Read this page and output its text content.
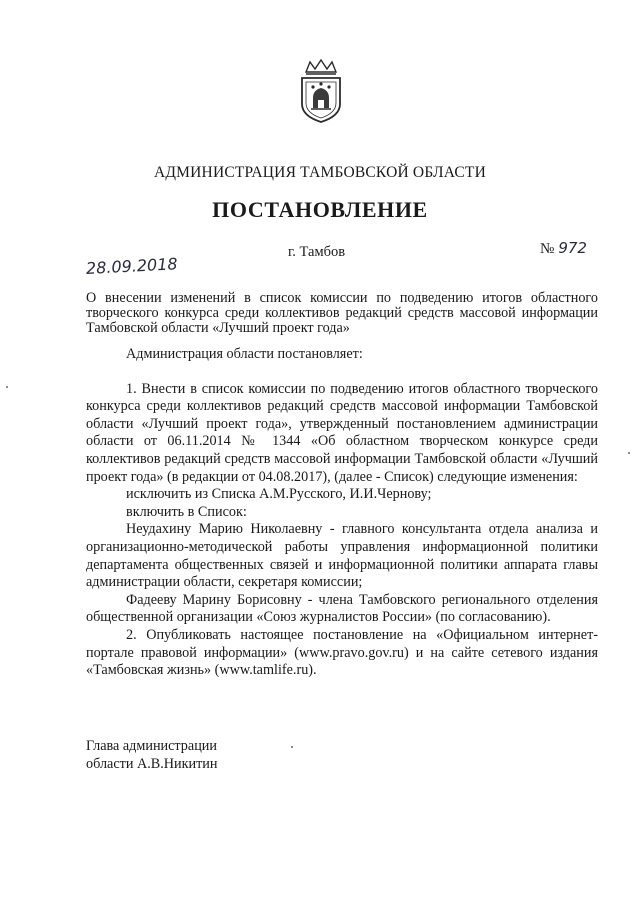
АДМИНИСТРАЦИЯ ТАМБОВСКОЙ ОБЛАСТИ
ПОСТАНОВЛЕНИЕ
г. Тамбов	№ 972
28.09.2018
О внесении изменений в список комиссии по подведению итогов областного творческого конкурса среди коллективов редакций средств массовой информации Тамбовской области «Лучший проект года»

Администрация области постановляет:

1. Внести в список комиссии по подведению итогов областного творческого конкурса среди коллективов редакций средств массовой информации Тамбовской области «Лучший проект года», утвержденный постановлением администрации области от 06.11.2014 № 1344 «Об областном творческом конкурсе среди коллективов редакций средств массовой информации Тамбовской области «Лучший проект года» (в редакции от 04.08.2017), (далее - Список) следующие изменения:

исключить из Списка А.М.Русского, И.И.Чернову;

включить в Список:

Неудахину Марию Николаевну - главного консультанта отдела анализа и организационно-методической работы управления информационной политики департамента общественных связей и информационной политики аппарата главы администрации области, секретаря комиссии;

Фадееву Марину Борисовну - члена Тамбовского регионального отделения общественной организации «Союз журналистов России» (по согласованию).

2. Опубликовать настоящее постановление на «Официальном интернет-портале правовой информации» (www.pravo.gov.ru) и на сайте сетевого издания «Тамбовская жизнь» (www.tamlife.ru).

Глава администрации
области А.В.Никитин
